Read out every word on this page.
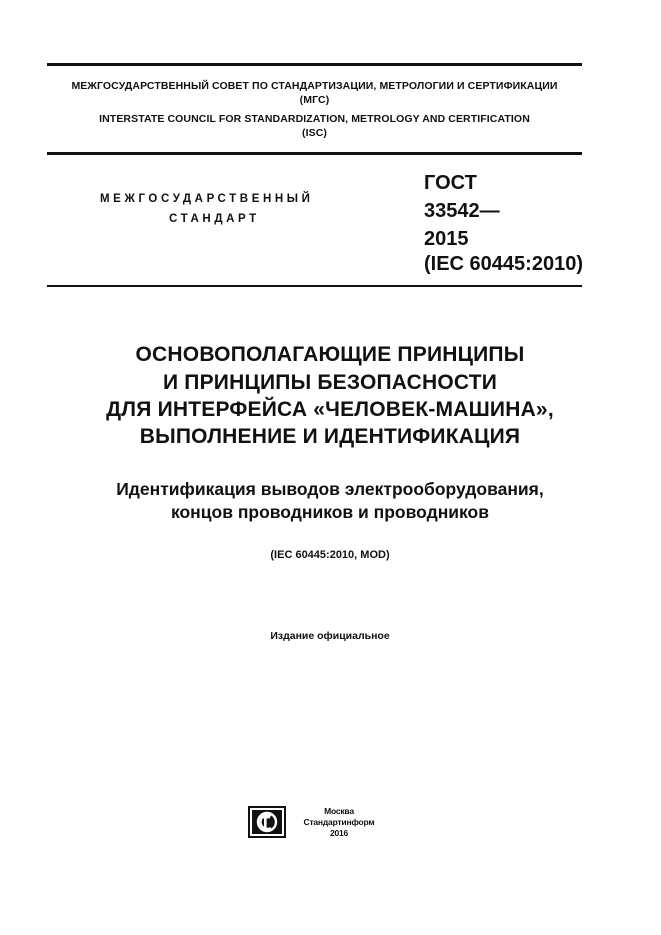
МЕЖГОСУДАРСТВЕННЫЙ СОВЕТ ПО СТАНДАРТИЗАЦИИ, МЕТРОЛОГИИ И СЕРТИФИКАЦИИ
(МГС)
INTERSTATE COUNCIL FOR STANDARDIZATION, METROLOGY AND CERTIFICATION
(ISC)
МЕЖГОСУДАРСТВЕННЫЙ
СТАНДАРТ
ГОСТ
33542—
2015
(IEC 60445:2010)
ОСНОВОПОЛАГАЮЩИЕ ПРИНЦИПЫ
И ПРИНЦИПЫ БЕЗОПАСНОСТИ
ДЛЯ ИНТЕРФЕЙСА «ЧЕЛОВЕК-МАШИНА»,
ВЫПОЛНЕНИЕ И ИДЕНТИФИКАЦИЯ
Идентификация выводов электрооборудования,
концов проводников и проводников
(IEC 60445:2010, MOD)
Издание официальное
Москва
Стандартинформ
2016
